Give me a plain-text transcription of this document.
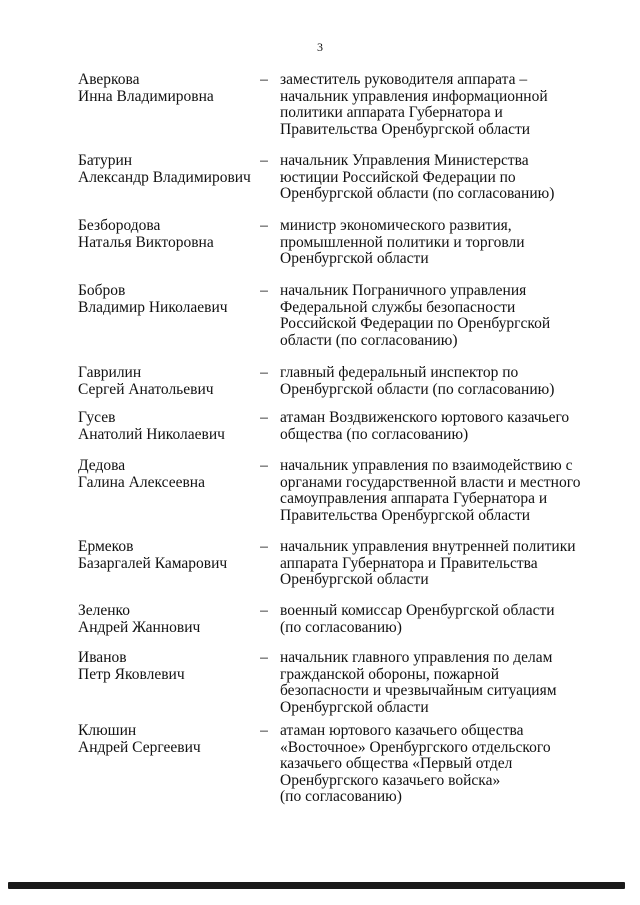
3
Аверкова
Инна Владимировна
– заместитель руководителя аппарата –
начальник управления информационной
политики аппарата Губернатора и
Правительства Оренбургской области
Батурин
Александр Владимирович
– начальник Управления Министерства
юстиции Российской Федерации по
Оренбургской области (по согласованию)
Безбородова
Наталья Викторовна
– министр экономического развития,
промышленной политики и торговли
Оренбургской области
Бобров
Владимир Николаевич
– начальник Пограничного управления
Федеральной службы безопасности
Российской Федерации по Оренбургской
области (по согласованию)
Гаврилин
Сергей Анатольевич
– главный федеральный инспектор по
Оренбургской области (по согласованию)
Гусев
Анатолий Николаевич
– атаман Воздвиженского юртового казачьего
общества (по согласованию)
Дедова
Галина Алексеевна
– начальник управления по взаимодействию с
органами государственной власти и местного
самоуправления аппарата Губернатора и
Правительства Оренбургской области
Ермеков
Базаргалей Камарович
– начальник управления внутренней политики
аппарата Губернатора и Правительства
Оренбургской области
Зеленко
Андрей Жаннович
– военный комиссар Оренбургской области
(по согласованию)
Иванов
Петр Яковлевич
– начальник главного управления по делам
гражданской обороны, пожарной
безопасности и чрезвычайным ситуациям
Оренбургской области
Клюшин
Андрей Сергеевич
– атаман юртового казачьего общества
«Восточное» Оренбургского отдельского
казачьего общества «Первый отдел
Оренбургского казачьего войска»
(по согласованию)
